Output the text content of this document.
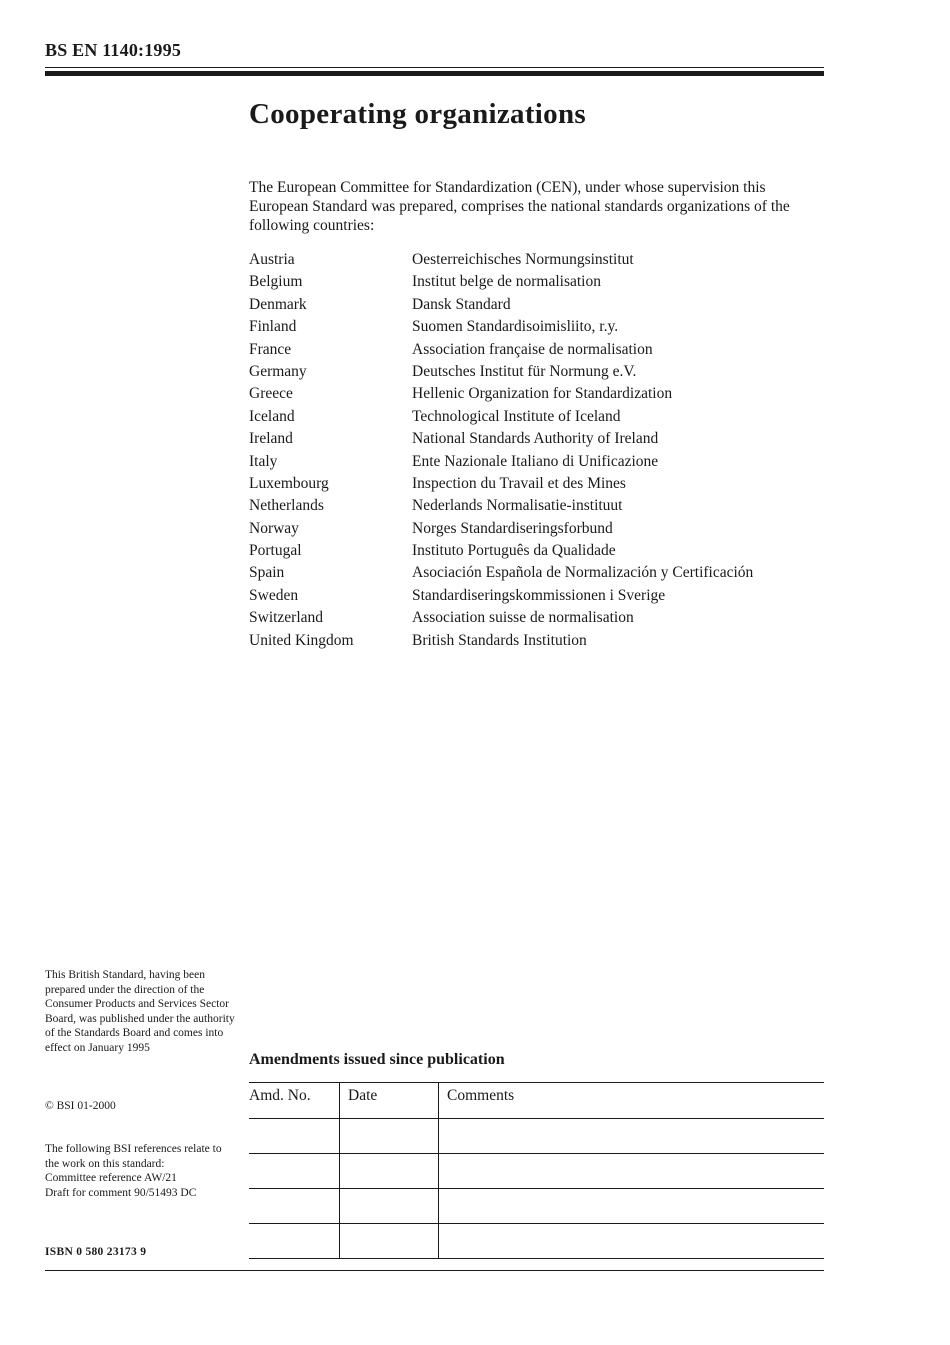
BS EN 1140:1995
Cooperating organizations
The European Committee for Standardization (CEN), under whose supervision this European Standard was prepared, comprises the national standards organizations of the following countries:
Austria	Oesterreichisches Normungsinstitut
Belgium	Institut belge de normalisation
Denmark	Dansk Standard
Finland	Suomen Standardisoimisliito, r.y.
France	Association française de normalisation
Germany	Deutsches Institut für Normung e.V.
Greece	Hellenic Organization for Standardization
Iceland	Technological Institute of Iceland
Ireland	National Standards Authority of Ireland
Italy	Ente Nazionale Italiano di Unificazione
Luxembourg	Inspection du Travail et des Mines
Netherlands	Nederlands Normalisatie-instituut
Norway	Norges Standardiseringsforbund
Portugal	Instituto Português da Qualidade
Spain	Asociación Española de Normalización y Certificación
Sweden	Standardiseringskommissionen i Sverige
Switzerland	Association suisse de normalisation
United Kingdom	British Standards Institution

This British Standard, having been prepared under the direction of the Consumer Products and Services Sector Board, was published under the authority of the Standards Board and comes into effect on January 1995

© BSI 01-2000

The following BSI references relate to the work on this standard:

Committee reference AW/21

Draft for comment 90/51493 DC

ISBN 0 580 23173 9
Amendments issued since publication
Amd. No.	Date	Comments
